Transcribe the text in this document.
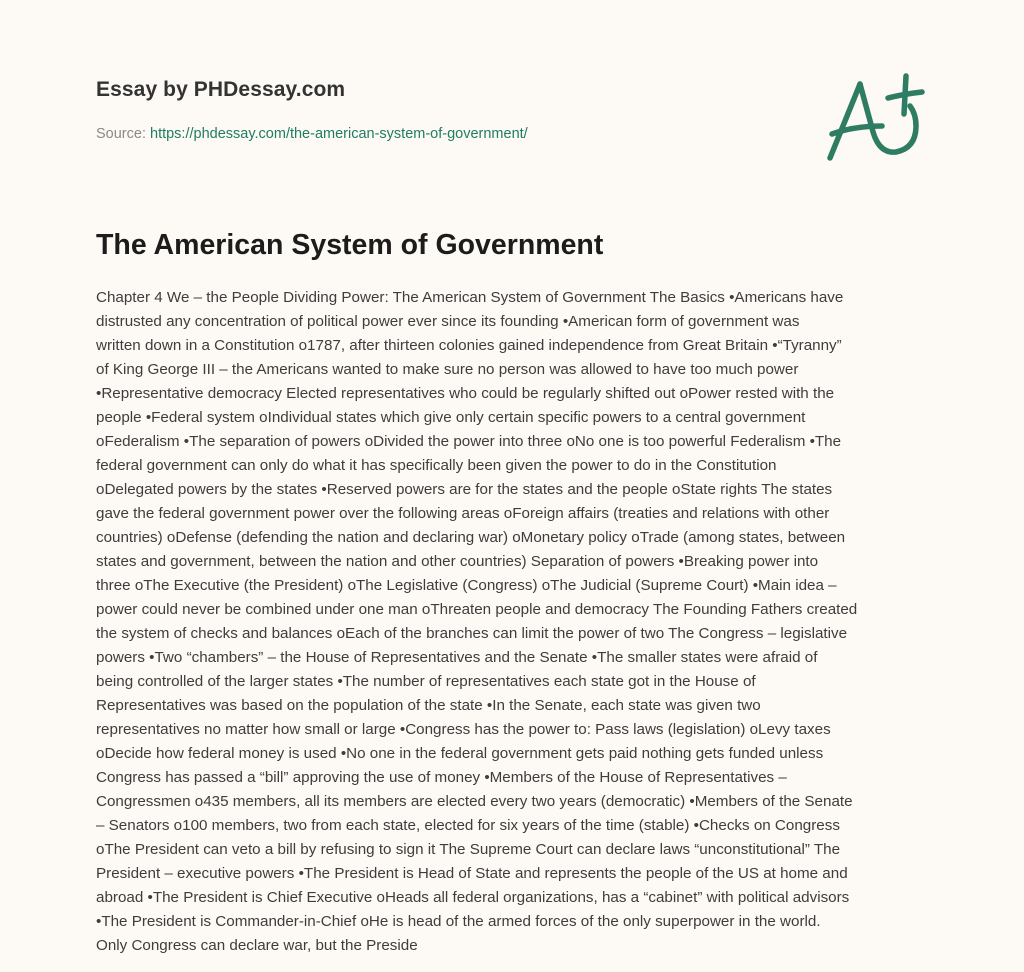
Essay by PHDessay.com
Source: https://phdessay.com/the-american-system-of-government/
The American System of Government
Chapter 4 We – the People Dividing Power: The American System of Government The Basics •Americans have
distrusted any concentration of political power ever since its founding •American form of government was
written down in a Constitution o1787, after thirteen colonies gained independence from Great Britain •“Tyranny”
of King George III – the Americans wanted to make sure no person was allowed to have too much power
•Representative democracy Elected representatives who could be regularly shifted out oPower rested with the
people •Federal system oIndividual states which give only certain specific powers to a central government
oFederalism •The separation of powers oDivided the power into three oNo one is too powerful Federalism •The
federal government can only do what it has specifically been given the power to do in the Constitution
oDelegated powers by the states •Reserved powers are for the states and the people oState rights The states
gave the federal government power over the following areas oForeign affairs (treaties and relations with other
countries) oDefense (defending the nation and declaring war) oMonetary policy oTrade (among states, between
states and government, between the nation and other countries) Separation of powers •Breaking power into
three oThe Executive (the President) oThe Legislative (Congress) oThe Judicial (Supreme Court) •Main idea –
power could never be combined under one man oThreaten people and democracy The Founding Fathers created
the system of checks and balances oEach of the branches can limit the power of two The Congress – legislative
powers •Two “chambers” – the House of Representatives and the Senate •The smaller states were afraid of
being controlled of the larger states •The number of representatives each state got in the House of
Representatives was based on the population of the state •In the Senate, each state was given two
representatives no matter how small or large •Congress has the power to: Pass laws (legislation) oLevy taxes
oDecide how federal money is used •No one in the federal government gets paid nothing gets funded unless
Congress has passed a “bill” approving the use of money •Members of the House of Representatives –
Congressmen o435 members, all its members are elected every two years (democratic) •Members of the Senate
– Senators o100 members, two from each state, elected for six years of the time (stable) •Checks on Congress
oThe President can veto a bill by refusing to sign it The Supreme Court can declare laws “unconstitutional” The
President – executive powers •The President is Head of State and represents the people of the US at home and
abroad •The President is Chief Executive oHeads all federal organizations, has a “cabinet” with political advisors
•The President is Commander-in-Chief oHe is head of the armed forces of the only superpower in the world.
Only Congress can declare war, but the Preside
